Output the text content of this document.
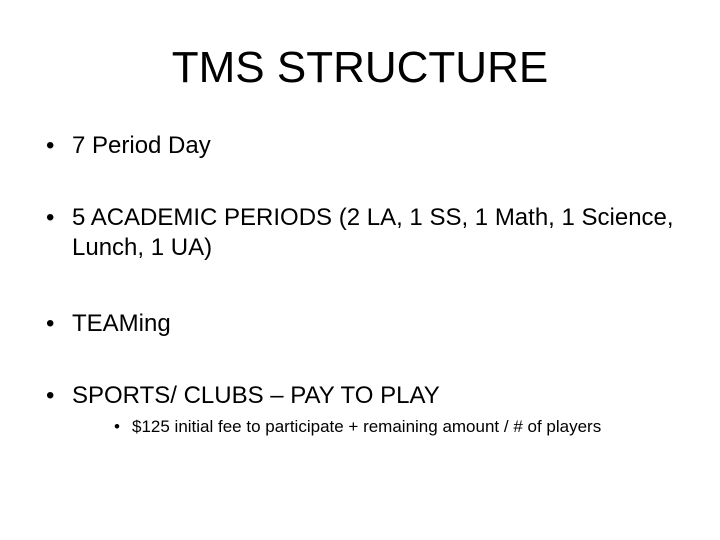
TMS STRUCTURE
• 7 Period Day
• 5 ACADEMIC PERIODS (2 LA, 1 SS, 1 Math, 1 Science, Lunch, 1 UA)
• TEAMing
• SPORTS/ CLUBS – PAY TO PLAY
• $125 initial fee to participate + remaining amount / # of players
